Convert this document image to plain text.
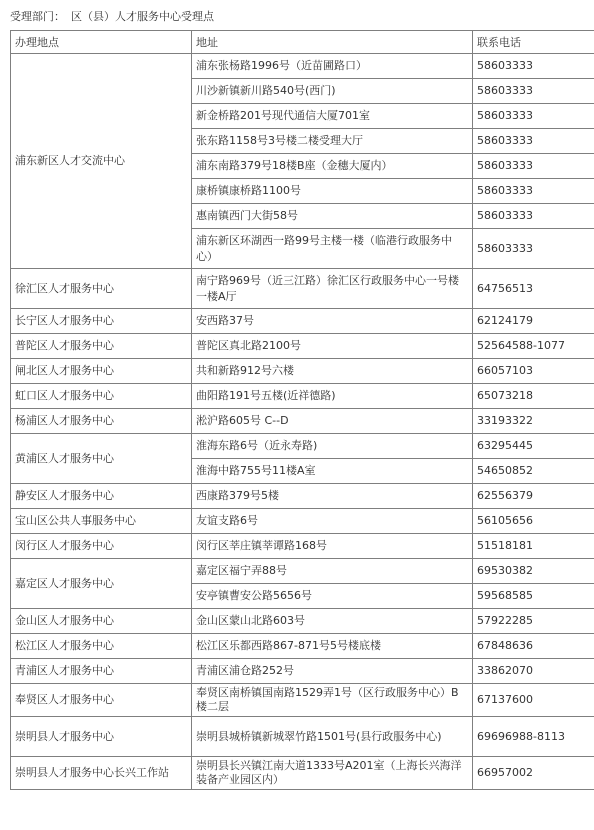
受理部门： 区（县）人才服务中心受理点
办理地点	地址	联系电话
浦东新区人才交流中心	浦东张杨路1996号（近苗圃路口）	58603333
	川沙新镇新川路540号(西门)	58603333
	新金桥路201号现代通信大厦701室	58603333
	张东路1158号3号楼二楼受理大厅	58603333
	浦东南路379号18楼B座（金穗大厦内）	58603333
	康桥镇康桥路1100号	58603333
	惠南镇西门大街58号	58603333
	浦东新区环湖西一路99号主楼一楼（临港行政服务中心）	58603333
徐汇区人才服务中心	南宁路969号（近三江路）徐汇区行政服务中心一号楼一楼A厅	64756513
长宁区人才服务中心	安西路37号	62124179
普陀区人才服务中心	普陀区真北路2100号	52564588-1077
闸北区人才服务中心	共和新路912号六楼	66057103
虹口区人才服务中心	曲阳路191号五楼(近祥德路)	65073218
杨浦区人才服务中心	淞沪路605号 C--D	33193322
黄浦区人才服务中心	淮海东路6号（近永寿路)	63295445
	淮海中路755号11楼A室	54650852
静安区人才服务中心	西康路379号5楼	62556379
宝山区公共人事服务中心	友谊支路6号	56105656
闵行区人才服务中心	闵行区莘庄镇莘谭路168号	51518181
嘉定区人才服务中心	嘉定区福宁弄88号	69530382
	安亭镇曹安公路5656号	59568585
金山区人才服务中心	金山区蒙山北路603号	57922285
松江区人才服务中心	松江区乐都西路867-871号5号楼底楼	67848636
青浦区人才服务中心	青浦区浦仓路252号	33862070
奉贤区人才服务中心	奉贤区南桥镇国南路1529弄1号（区行政服务中心）B楼二层	67137600
崇明县人才服务中心	崇明县城桥镇新城翠竹路1501号(县行政服务中心)	69696988-8113
崇明县人才服务中心长兴工作站	崇明县长兴镇江南大道1333号A201室（上海长兴海洋装备产业园区内）	66957002
